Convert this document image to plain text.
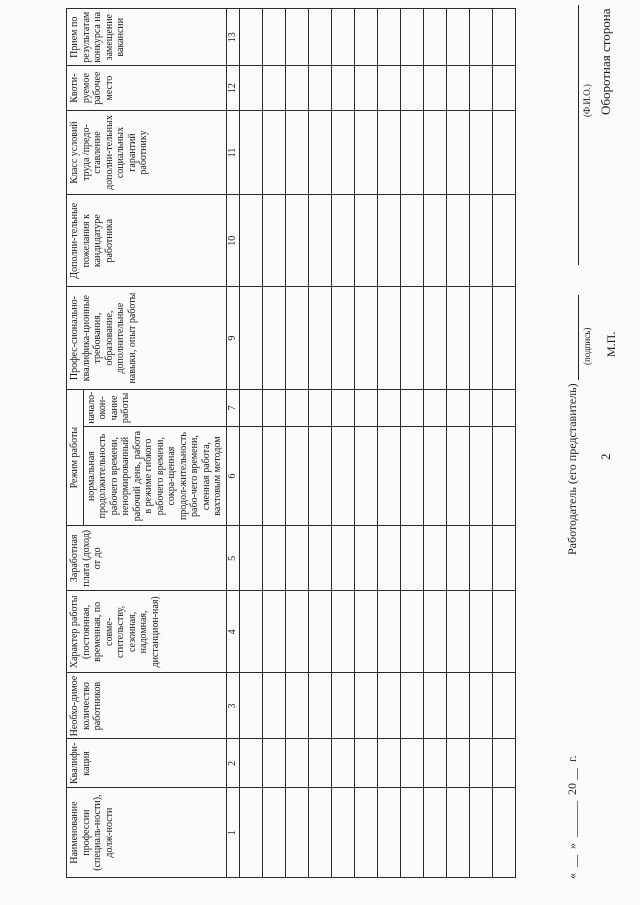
2
Оборотная сторона
Наименование профессии (специаль-ности), долж-ности	Квалифи-кация	Необхо-димое количество работников	Характер работы (постоянная, временная, по совме-стительству, сезонная, надомная, дистанцион-ная)	Заработная плата (доход) от до	Режим работы		Профес-сионально-квалифика-ционные требования, образование, дополнительные навыки, опыт работы	Дополни-тельные пожелания к кандидатуре работника	Класс условий труда /предо-ставление дополни-тельных социальных гарантий работнику	Квоти-руемое рабочее место	Прием по результатам конкурса на замещение вакансии
					нормальная продолжительность рабочего времени, ненормированный рабочий день, работа в режиме гибкого рабочего времени, сокра-щенная продол-жительность рабо-чего времени, сменная работа, вахтовым методом	начало-окон-чание работы					
1	2	3	4	5	6	7	9	10	11	12	13

«  __  »  ______  20 __  г.
Работодатель (его представитель)
(подпись)
(Ф.И.О.)
М.П.
